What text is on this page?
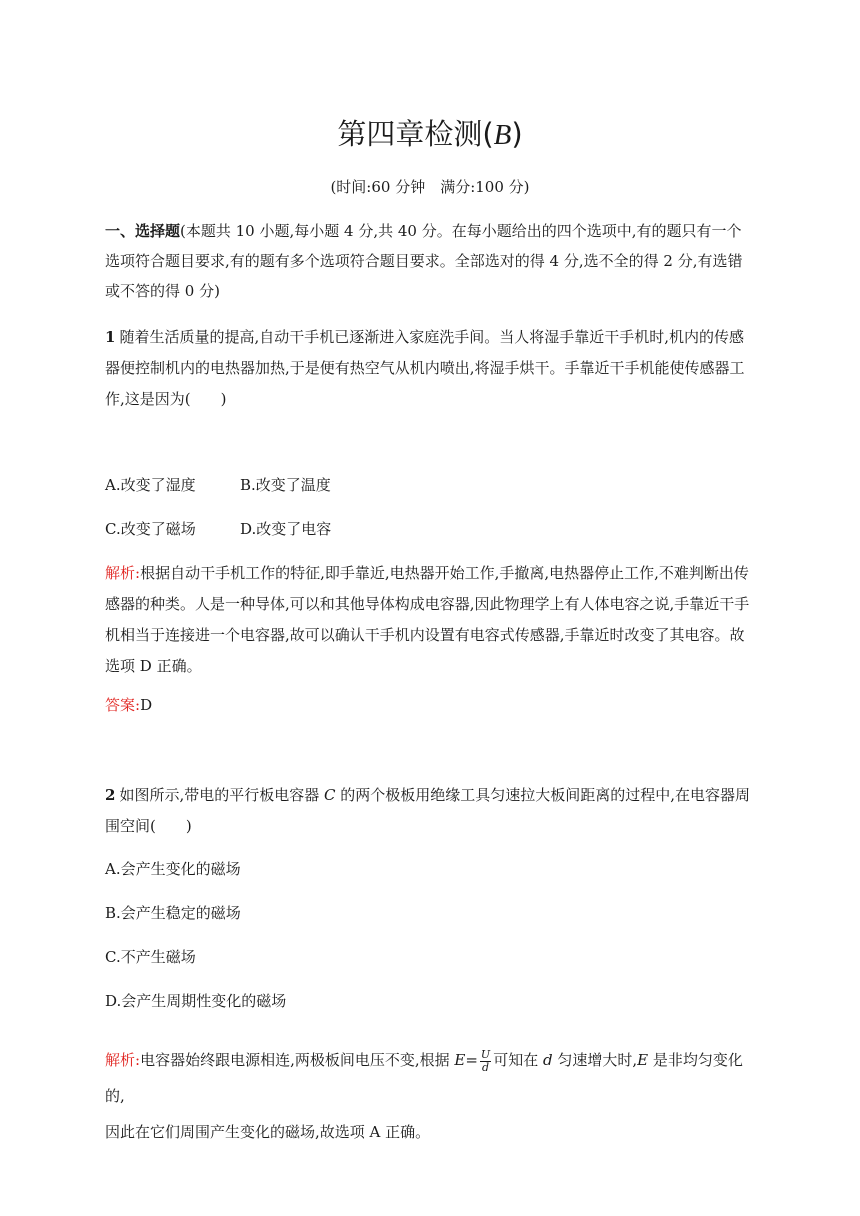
第四章检测(B)
(时间:60 分钟　满分:100 分)
一、选择题(本题共 10 小题,每小题 4 分,共 40 分。在每小题给出的四个选项中,有的题只有一个选项符合题目要求,有的题有多个选项符合题目要求。全部选对的得 4 分,选不全的得 2 分,有选错或不答的得 0 分)
1 随着生活质量的提高,自动干手机已逐渐进入家庭洗手间。当人将湿手靠近干手机时,机内的传感器便控制机内的电热器加热,于是便有热空气从机内喷出,将湿手烘干。手靠近干手机能使传感器工作,这是因为(　　)
A.改变了湿度	B.改变了温度
C.改变了磁场	D.改变了电容
解析:根据自动干手机工作的特征,即手靠近,电热器开始工作,手撤离,电热器停止工作,不难判断出传感器的种类。人是一种导体,可以和其他导体构成电容器,因此物理学上有人体电容之说,手靠近干手机相当于连接进一个电容器,故可以确认干手机内设置有电容式传感器,手靠近时改变了其电容。故选项 D 正确。
答案:D
2 如图所示,带电的平行板电容器 C 的两个极板用绝缘工具匀速拉大板间距离的过程中,在电容器周围空间(　　)
A.会产生变化的磁场
B.会产生稳定的磁场
C.不产生磁场
D.会产生周期性变化的磁场
解析:电容器始终跟电源相连,两极板间电压不变,根据 $E= \frac{U}{d}$ 可知在 d 匀速增大时,E 是非均匀变化的,
因此在它们周围产生变化的磁场,故选项 A 正确。
